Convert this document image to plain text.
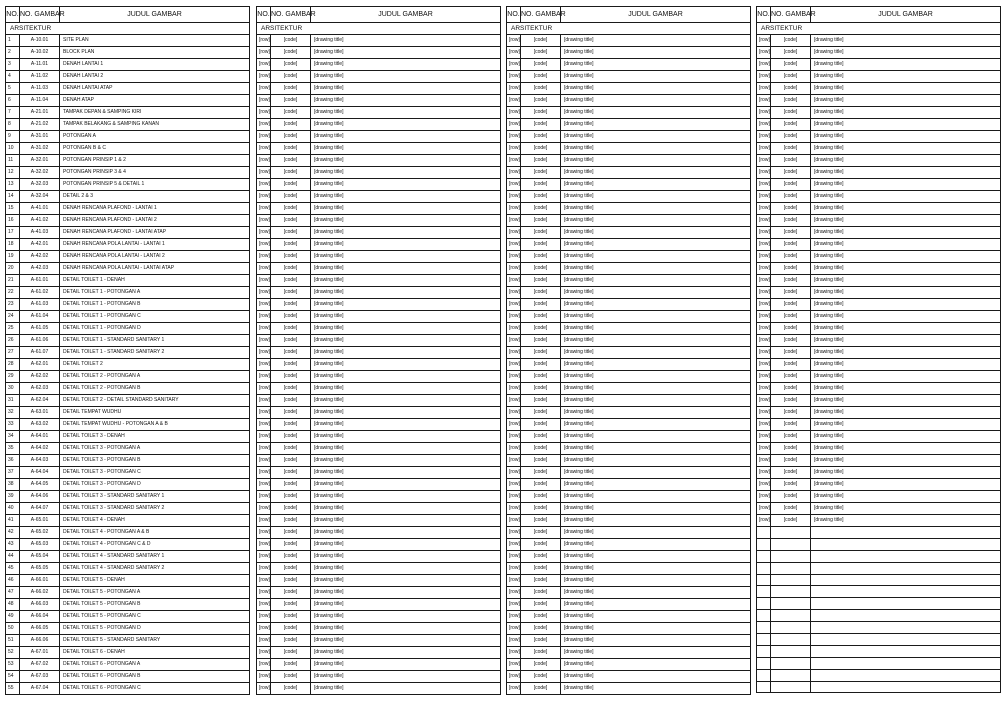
NO.	NO. GAMBAR	JUDUL GAMBAR
ARSITEKTUR		
1	A-10.01	SITE PLAN
2	A-10.02	BLOCK PLAN
3	A-11.01	DENAH LANTAI 1
4	A-11.02	DENAH LANTAI 2
5	A-11.03	DENAH LANTAI ATAP
6	A-11.04	DENAH ATAP
7	A-21.01	TAMPAK DEPAN & SAMPING KIRI
8	A-21.02	TAMPAK BELAKANG & SAMPING KANAN
9	A-31.01	POTONGAN A
10	A-31.02	POTONGAN B & C
11	A-32.01	POTONGAN PRINSIP 1 & 2
12	A-32.02	POTONGAN PRINSIP 3 & 4
13	A-32.03	POTONGAN PRINSIP 5 & DETAIL 1
14	A-32.04	DETAIL 2 & 3
15	A-41.01	DENAH RENCANA PLAFOND - LANTAI 1
16	A-41.02	DENAH RENCANA PLAFOND - LANTAI 2
17	A-41.03	DENAH RENCANA PLAFOND - LANTAI ATAP
18	A-42.01	DENAH RENCANA POLA LANTAI - LANTAI 1
19	A-42.02	DENAH RENCANA POLA LANTAI - LANTAI 2
20	A-42.03	DENAH RENCANA POLA LANTAI - LANTAI ATAP
21	A-61.01	DETAIL TOILET 1 - DENAH
22	A-61.02	DETAIL TOILET 1 - POTONGAN A
23	A-61.03	DETAIL TOILET 1 - POTONGAN B
24	A-61.04	DETAIL TOILET 1 - POTONGAN C
25	A-61.05	DETAIL TOILET 1 - POTONGAN D
26	A-61.06	DETAIL TOILET 1 - STANDARD SANITARY 1
27	A-61.07	DETAIL TOILET 1 - STANDARD SANITARY 2
28	A-62.01	DETAIL TOILET 2
29	A-62.02	DETAIL TOILET 2 - POTONGAN A
30	A-62.03	DETAIL TOILET 2 - POTONGAN B
31	A-62.04	DETAIL TOILET 2 - DETAIL STANDARD SANITARY
32	A-63.01	DETAIL TEMPAT WUDHU
33	A-63.02	DETAIL TEMPAT WUDHU - POTONGAN A & B
34	A-64.01	DETAIL TOILET 3 - DENAH
35	A-64.02	DETAIL TOILET 3 - POTONGAN A
36	A-64.03	DETAIL TOILET 3 - POTONGAN B
37	A-64.04	DETAIL TOILET 3 - POTONGAN C
38	A-64.05	DETAIL TOILET 3 - POTONGAN D
39	A-64.06	DETAIL TOILET 3 - STANDARD SANITARY 1
40	A-64.07	DETAIL TOILET 3 - STANDARD SANITARY 2
41	A-65.01	DETAIL TOILET 4 - DENAH
42	A-65.02	DETAIL TOILET 4 - POTONGAN A & B
43	A-65.03	DETAIL TOILET 4 - POTONGAN C & D
44	A-65.04	DETAIL TOILET 4 - STANDARD SANITARY 1
45	A-65.05	DETAIL TOILET 4 - STANDARD SANITARY 2
46	A-66.01	DETAIL TOILET 5 - DENAH
47	A-66.02	DETAIL TOILET 5 - POTONGAN A
48	A-66.03	DETAIL TOILET 5 - POTONGAN B
49	A-66.04	DETAIL TOILET 5 - POTONGAN C
50	A-66.05	DETAIL TOILET 5 - POTONGAN D
51	A-66.06	DETAIL TOILET 5 - STANDARD SANITARY
52	A-67.01	DETAIL TOILET 6 - DENAH
53	A-67.02	DETAIL TOILET 6 - POTONGAN A
54	A-67.03	DETAIL TOILET 6 - POTONGAN B
55	A-67.04	DETAIL TOILET 6 - POTONGAN C
NO.	NO. GAMBAR	JUDUL GAMBAR
ARSITEKTUR		
[row]	[code]	[drawing title]
[row]	[code]	[drawing title]
[row]	[code]	[drawing title]
[row]	[code]	[drawing title]
[row]	[code]	[drawing title]
[row]	[code]	[drawing title]
[row]	[code]	[drawing title]
[row]	[code]	[drawing title]
[row]	[code]	[drawing title]
[row]	[code]	[drawing title]
[row]	[code]	[drawing title]
[row]	[code]	[drawing title]
[row]	[code]	[drawing title]
[row]	[code]	[drawing title]
[row]	[code]	[drawing title]
[row]	[code]	[drawing title]
[row]	[code]	[drawing title]
[row]	[code]	[drawing title]
[row]	[code]	[drawing title]
[row]	[code]	[drawing title]
[row]	[code]	[drawing title]
[row]	[code]	[drawing title]
[row]	[code]	[drawing title]
[row]	[code]	[drawing title]
[row]	[code]	[drawing title]
[row]	[code]	[drawing title]
[row]	[code]	[drawing title]
[row]	[code]	[drawing title]
[row]	[code]	[drawing title]
[row]	[code]	[drawing title]
[row]	[code]	[drawing title]
[row]	[code]	[drawing title]
[row]	[code]	[drawing title]
[row]	[code]	[drawing title]
[row]	[code]	[drawing title]
[row]	[code]	[drawing title]
[row]	[code]	[drawing title]
[row]	[code]	[drawing title]
[row]	[code]	[drawing title]
[row]	[code]	[drawing title]
[row]	[code]	[drawing title]
[row]	[code]	[drawing title]
[row]	[code]	[drawing title]
[row]	[code]	[drawing title]
[row]	[code]	[drawing title]
[row]	[code]	[drawing title]
[row]	[code]	[drawing title]
[row]	[code]	[drawing title]
[row]	[code]	[drawing title]
[row]	[code]	[drawing title]
[row]	[code]	[drawing title]
[row]	[code]	[drawing title]
[row]	[code]	[drawing title]
[row]	[code]	[drawing title]
[row]	[code]	[drawing title]
NO.	NO. GAMBAR	JUDUL GAMBAR
ARSITEKTUR		
[row]	[code]	[drawing title]
[row]	[code]	[drawing title]
[row]	[code]	[drawing title]
[row]	[code]	[drawing title]
[row]	[code]	[drawing title]
[row]	[code]	[drawing title]
[row]	[code]	[drawing title]
[row]	[code]	[drawing title]
[row]	[code]	[drawing title]
[row]	[code]	[drawing title]
[row]	[code]	[drawing title]
[row]	[code]	[drawing title]
[row]	[code]	[drawing title]
[row]	[code]	[drawing title]
[row]	[code]	[drawing title]
[row]	[code]	[drawing title]
[row]	[code]	[drawing title]
[row]	[code]	[drawing title]
[row]	[code]	[drawing title]
[row]	[code]	[drawing title]
[row]	[code]	[drawing title]
[row]	[code]	[drawing title]
[row]	[code]	[drawing title]
[row]	[code]	[drawing title]
[row]	[code]	[drawing title]
[row]	[code]	[drawing title]
[row]	[code]	[drawing title]
[row]	[code]	[drawing title]
[row]	[code]	[drawing title]
[row]	[code]	[drawing title]
[row]	[code]	[drawing title]
[row]	[code]	[drawing title]
[row]	[code]	[drawing title]
[row]	[code]	[drawing title]
[row]	[code]	[drawing title]
[row]	[code]	[drawing title]
[row]	[code]	[drawing title]
[row]	[code]	[drawing title]
[row]	[code]	[drawing title]
[row]	[code]	[drawing title]
[row]	[code]	[drawing title]
[row]	[code]	[drawing title]
[row]	[code]	[drawing title]
[row]	[code]	[drawing title]
[row]	[code]	[drawing title]
[row]	[code]	[drawing title]
[row]	[code]	[drawing title]
[row]	[code]	[drawing title]
[row]	[code]	[drawing title]
[row]	[code]	[drawing title]
[row]	[code]	[drawing title]
[row]	[code]	[drawing title]
[row]	[code]	[drawing title]
[row]	[code]	[drawing title]
[row]	[code]	[drawing title]
NO.	NO. GAMBAR	JUDUL GAMBAR
ARSITEKTUR		
[row]	[code]	[drawing title]
[row]	[code]	[drawing title]
[row]	[code]	[drawing title]
[row]	[code]	[drawing title]
[row]	[code]	[drawing title]
[row]	[code]	[drawing title]
[row]	[code]	[drawing title]
[row]	[code]	[drawing title]
[row]	[code]	[drawing title]
[row]	[code]	[drawing title]
[row]	[code]	[drawing title]
[row]	[code]	[drawing title]
[row]	[code]	[drawing title]
[row]	[code]	[drawing title]
[row]	[code]	[drawing title]
[row]	[code]	[drawing title]
[row]	[code]	[drawing title]
[row]	[code]	[drawing title]
[row]	[code]	[drawing title]
[row]	[code]	[drawing title]
[row]	[code]	[drawing title]
[row]	[code]	[drawing title]
[row]	[code]	[drawing title]
[row]	[code]	[drawing title]
[row]	[code]	[drawing title]
[row]	[code]	[drawing title]
[row]	[code]	[drawing title]
[row]	[code]	[drawing title]
[row]	[code]	[drawing title]
[row]	[code]	[drawing title]
[row]	[code]	[drawing title]
[row]	[code]	[drawing title]
[row]	[code]	[drawing title]
[row]	[code]	[drawing title]
[row]	[code]	[drawing title]
[row]	[code]	[drawing title]
[row]	[code]	[drawing title]
[row]	[code]	[drawing title]
[row]	[code]	[drawing title]
[row]	[code]	[drawing title]
[row]	[code]	[drawing title]
